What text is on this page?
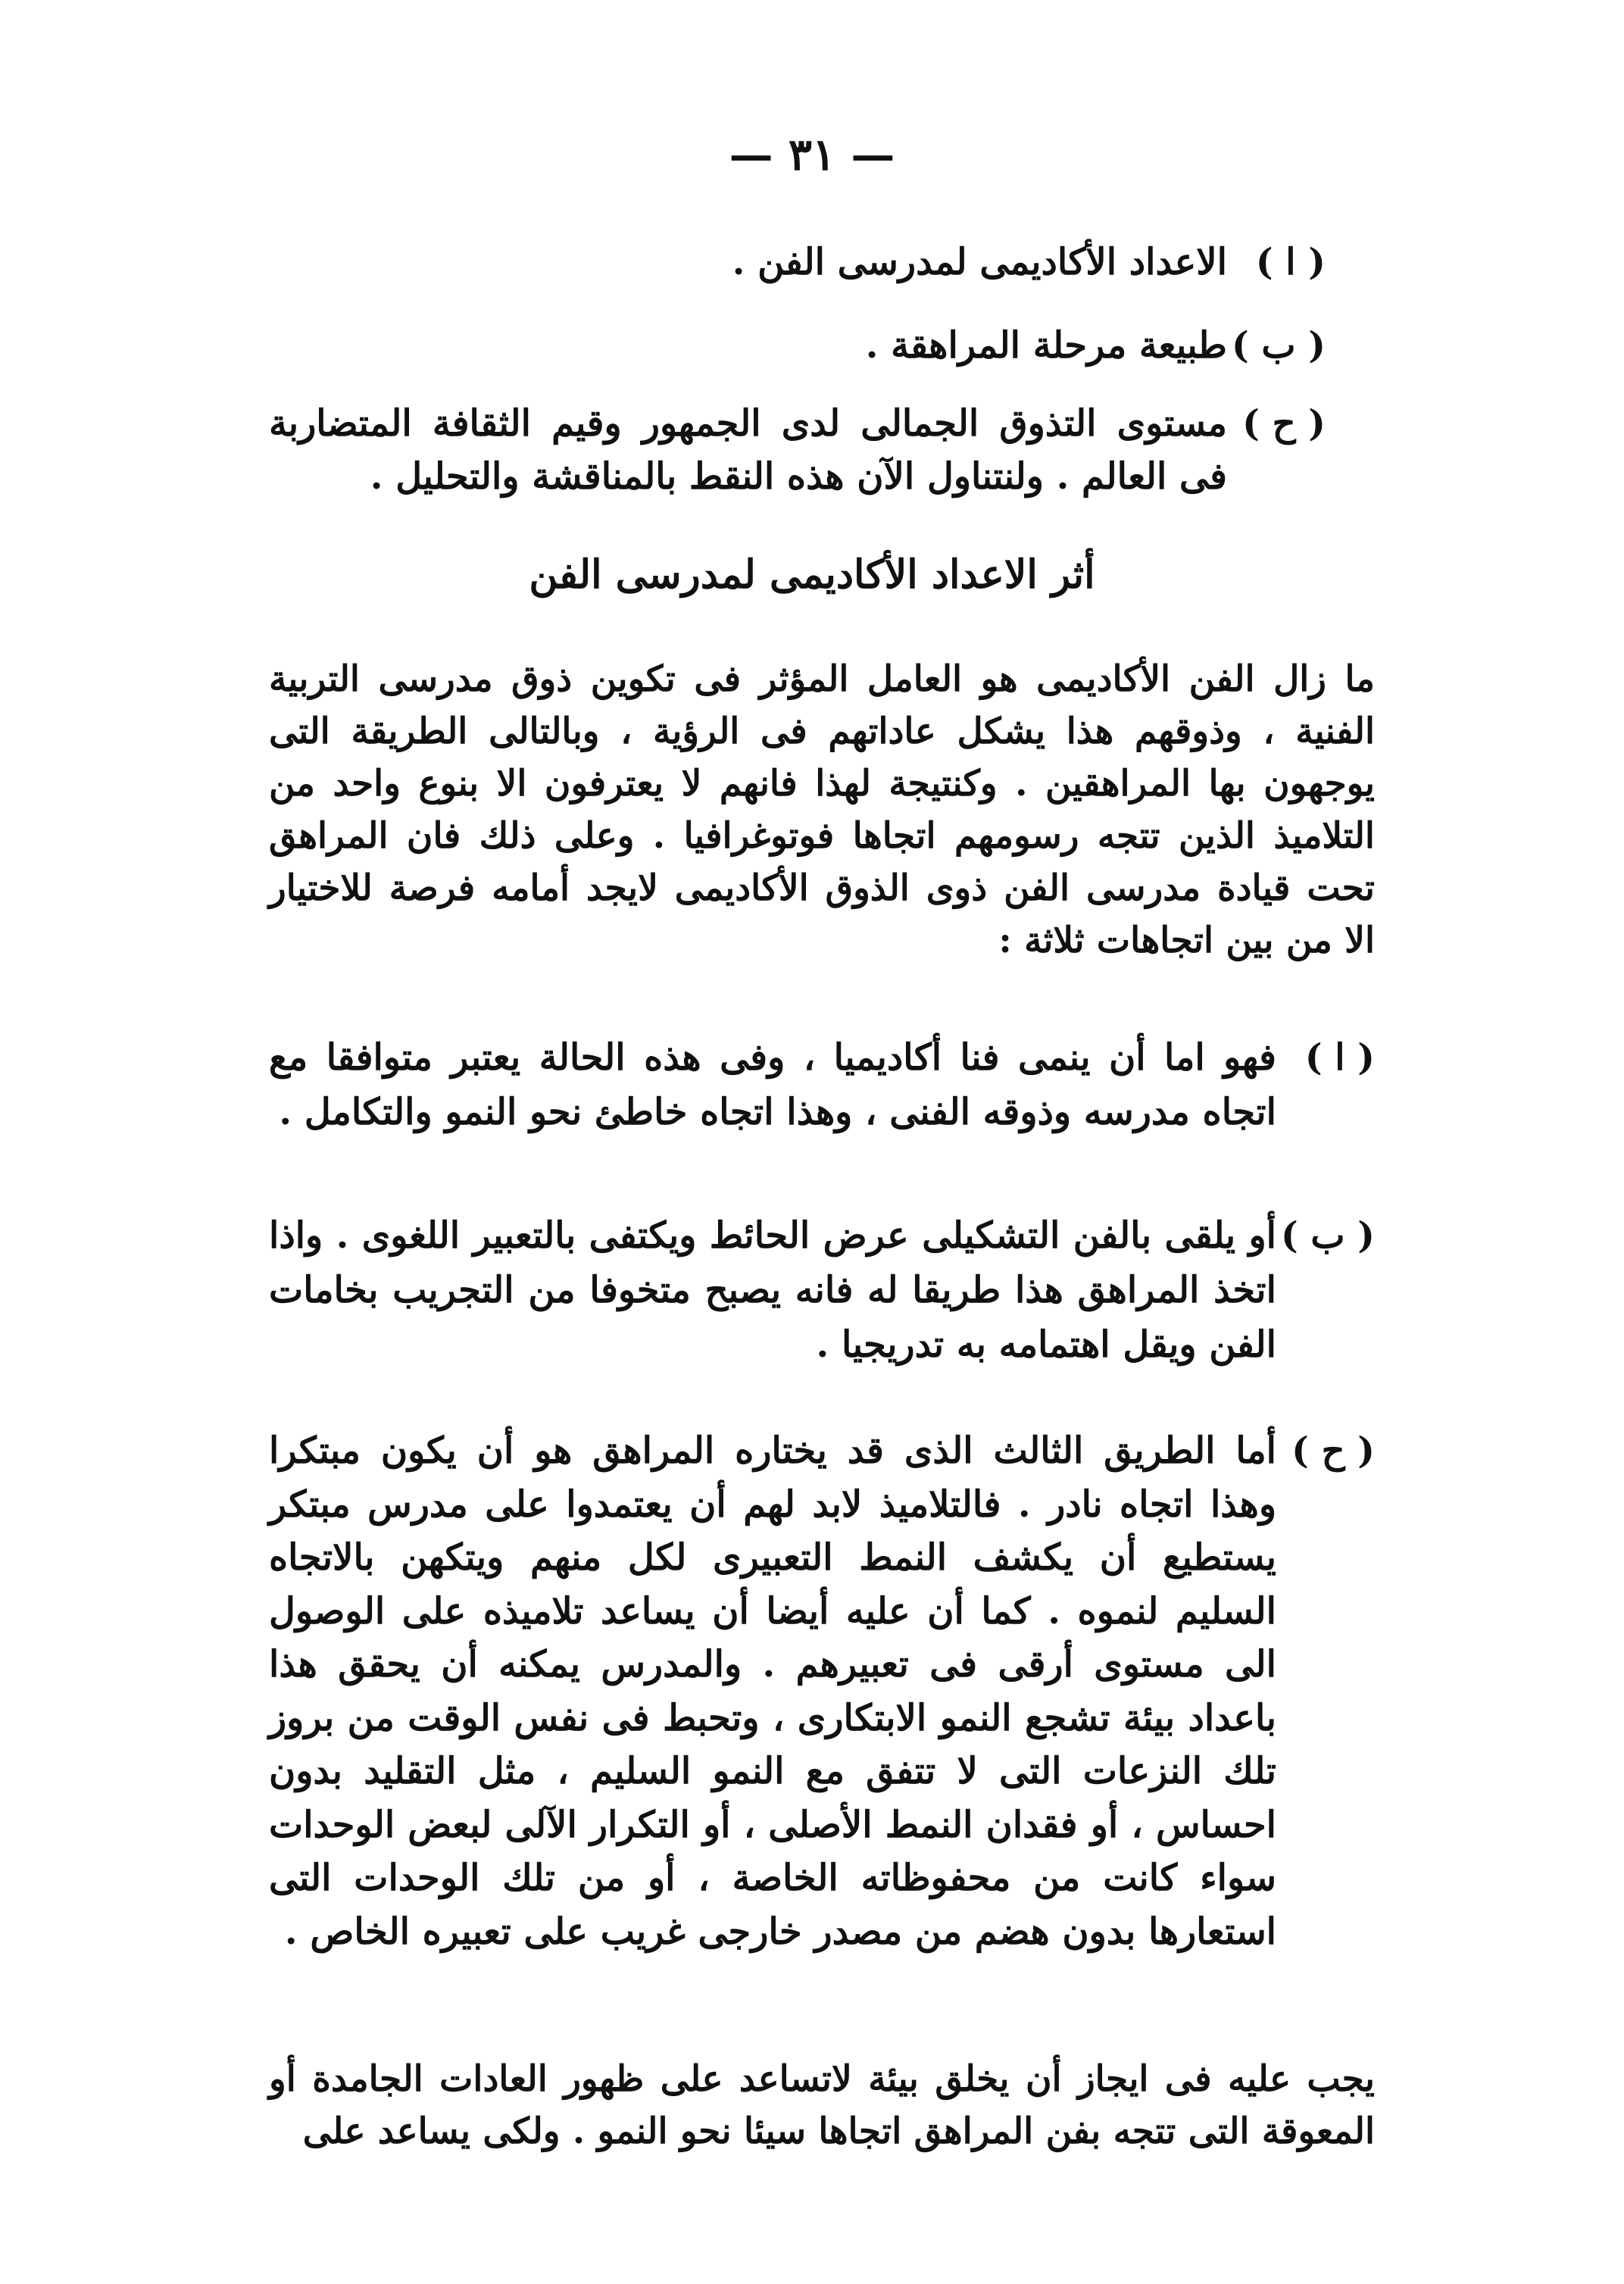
— ٣١ —
( ا )
الاعداد الأكاديمى لمدرسى الفن .
( ب )
طبيعة مرحلة المراهقة .
( ح )
مستوى التذوق الجمالى لدى الجمهور وقيم الثقافة المتضاربة فى العالم . ولنتناول الآن هذه النقط بالمناقشة والتحليل .
أثر الاعداد الأكاديمى لمدرسى الفن
ما زال الفن الأكاديمى هو العامل المؤثر فى تكوين ذوق مدرسى التربية الفنية ، وذوقهم هذا يشكل عاداتهم فى الرؤية ، وبالتالى الطريقة التى يوجهون بها المراهقين . وكنتيجة لهذا فانهم لا يعترفون الا بنوع واحد من التلاميذ الذين تتجه رسومهم اتجاها فوتوغرافيا . وعلى ذلك فان المراهق تحت قيادة مدرسى الفن ذوى الذوق الأكاديمى لايجد أمامه فرصة للاختيار الا من بين اتجاهات ثلاثة :
( ا )
فهو اما أن ينمى فنا أكاديميا ، وفى هذه الحالة يعتبر متوافقا مع اتجاه مدرسه وذوقه الفنى ، وهذا اتجاه خاطئ نحو النمو والتكامل .
( ب )
أو يلقى بالفن التشكيلى عرض الحائط ويكتفى بالتعبير اللغوى . واذا اتخذ المراهق هذا طريقا له فانه يصبح متخوفا من التجريب بخامات الفن ويقل اهتمامه به تدريجيا .
( ح )
أما الطريق الثالث الذى قد يختاره المراهق هو أن يكون مبتكرا وهذا اتجاه نادر . فالتلاميذ لابد لهم أن يعتمدوا على مدرس مبتكر يستطيع أن يكشف النمط التعبيرى لكل منهم ويتكهن بالاتجاه السليم لنموه . كما أن عليه أيضا أن يساعد تلاميذه على الوصول الى مستوى أرقى فى تعبيرهم . والمدرس يمكنه أن يحقق هذا باعداد بيئة تشجع النمو الابتكارى ، وتحبط فى نفس الوقت من بروز تلك النزعات التى لا تتفق مع النمو السليم ، مثل التقليد بدون احساس ، أو فقدان النمط الأصلى ، أو التكرار الآلى لبعض الوحدات سواء كانت من محفوظاته الخاصة ، أو من تلك الوحدات التى استعارها بدون هضم من مصدر خارجى غريب على تعبيره الخاص .
يجب عليه فى ايجاز أن يخلق بيئة لاتساعد على ظهور العادات الجامدة أو المعوقة التى تتجه بفن المراهق اتجاها سيئا نحو النمو . ولكى يساعد على
